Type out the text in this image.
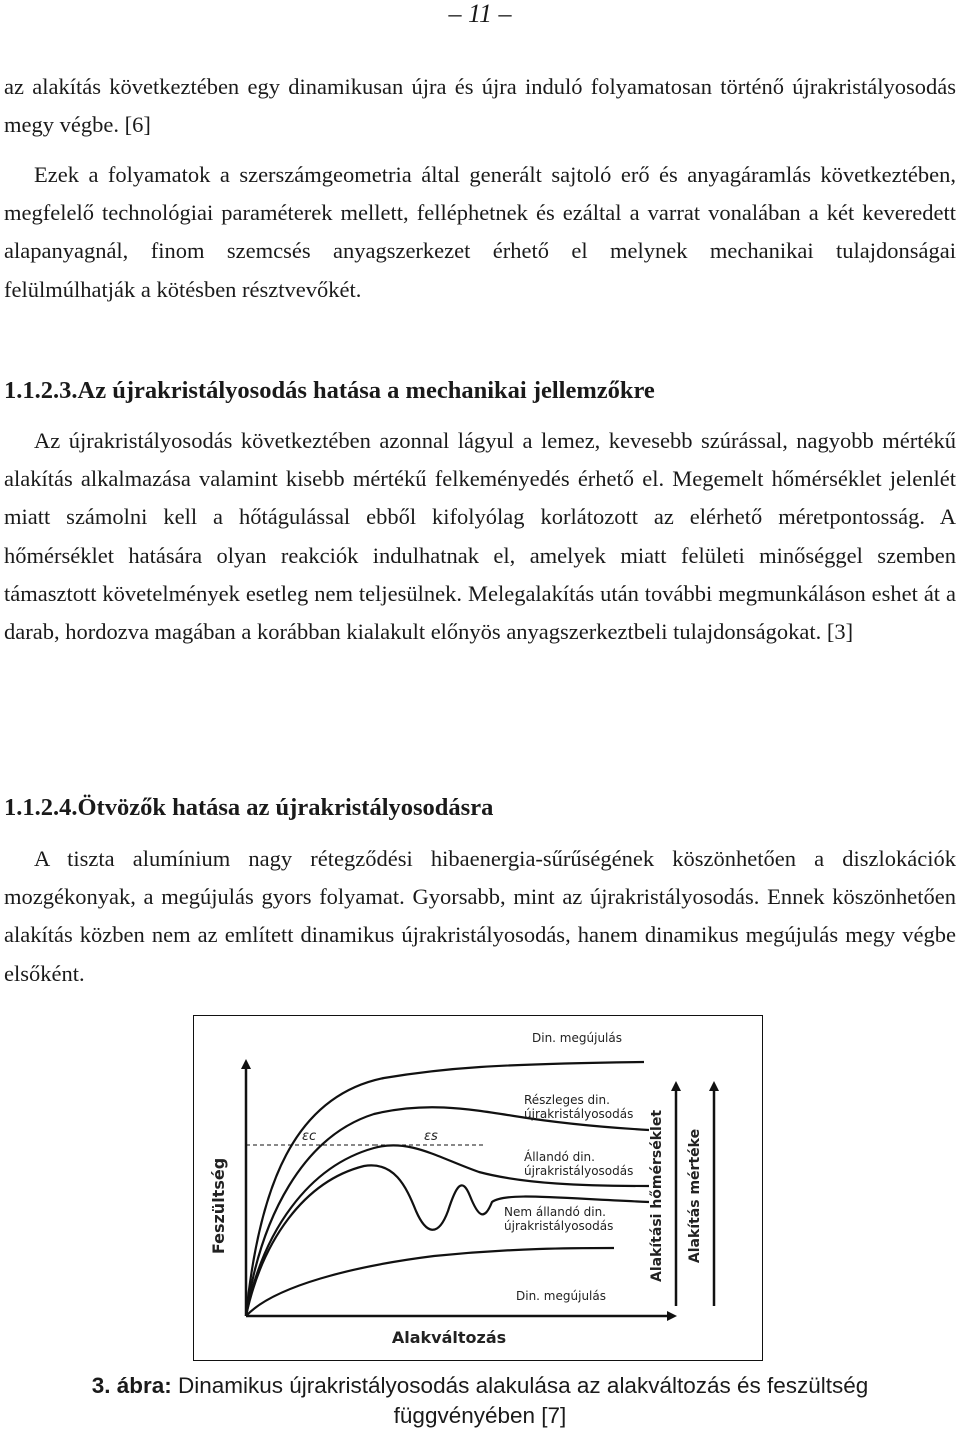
– 11 –

az alakítás következtében egy dinamikusan újra és újra induló folyamatosan történő újrakristályosodás megy végbe. [6]

Ezek a folyamatok a szerszámgeometria által generált sajtoló erő és anyagáramlás következtében, megfelelő technológiai paraméterek mellett, felléphetnek és ezáltal a varrat vonalában a két keveredett alapanyagnál, finom szemcsés anyagszerkezet érhető el melynek mechanikai tulajdonságai felülmúlhatják a kötésben résztvevőkét.

1.1.2.3.Az újrakristályosodás hatása a mechanikai jellemzőkre

Az újrakristályosodás következtében azonnal lágyul a lemez, kevesebb szúrással, nagyobb mértékű alakítás alkalmazása valamint kisebb mértékű felkeményedés érhető el. Megemelt hőmérséklet jelenlét miatt számolni kell a hőtágulással ebből kifolyólag korlátozott az elérhető méretpontosság. A hőmérséklet hatására olyan reakciók indulhatnak el, amelyek miatt felületi minőséggel szemben támasztott követelmények esetleg nem teljesülnek. Melegalakítás után további megmunkáláson eshet át a darab, hordozva magában a korábban kialakult előnyös anyagszerkeztbeli tulajdonságokat. [3]

1.1.2.4.Ötvözők hatása az újrakristályosodásra

A tiszta alumínium nagy rétegződési hibaenergia-sűrűségének köszönhetően a diszlokációk mozgékonyak, a megújulás gyors folyamat. Gyorsabb, mint az újrakristályosodás. Ennek köszönhetően alakítás közben nem az említett dinamikus újrakristályosodás, hanem dinamikus megújulás megy végbe elsőként.

Feszültség
Alakváltozás
Alakítási hőmérséklet Alakítás mértéke
εc	εs
Din. megújulás
Részleges din.
újrakristályosodás
Állandó din.
újrakristályosodás
Nem állandó din.
újrakristályosodás
Din. megújulás
3. ábra: Dinamikus újrakristályosodás alakulása az alakváltozás és feszültség
függvényében [7]
